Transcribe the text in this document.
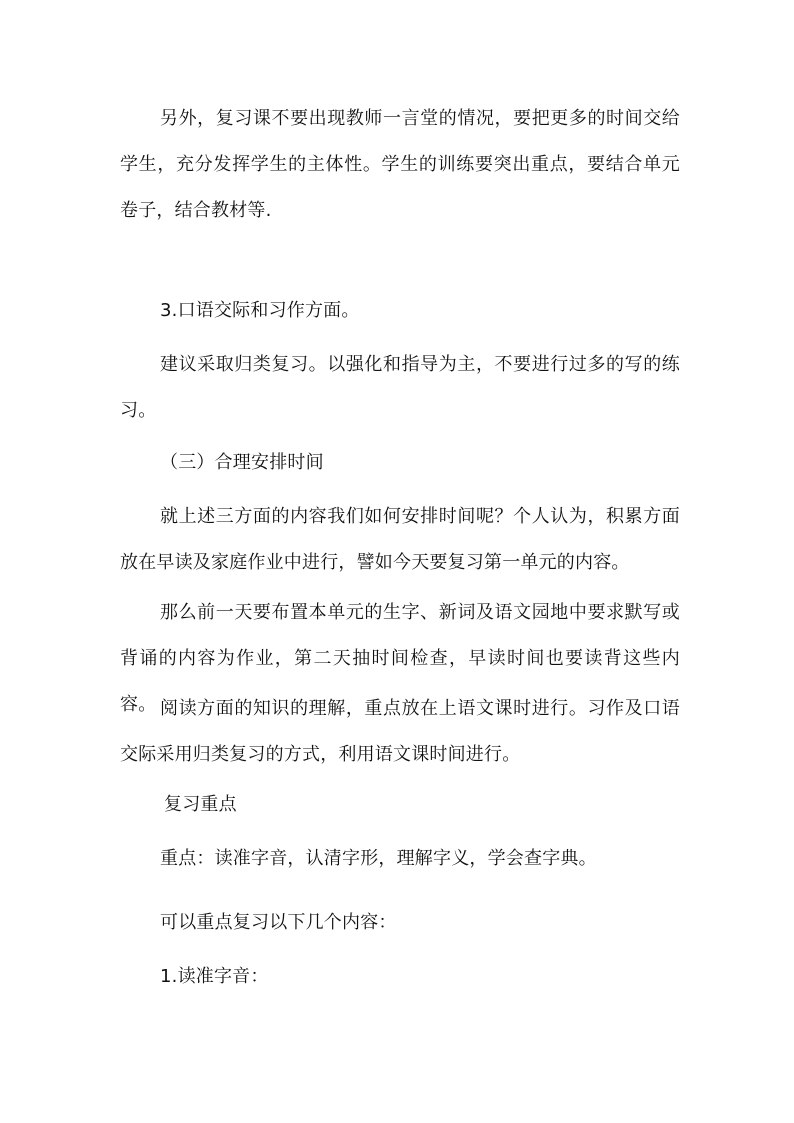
另外，复习课不要出现教师一言堂的情况，要把更多的时间交给学生，充分发挥学生的主体性。学生的训练要突出重点，要结合单元卷子，结合教材等.

3.口语交际和习作方面。

建议采取归类复习。以强化和指导为主，不要进行过多的写的练习。

（三）合理安排时间

就上述三方面的内容我们如何安排时间呢？个人认为，积累方面放在早读及家庭作业中进行，譬如今天要复习第一单元的内容。

那么前一天要布置本单元的生字、新词及语文园地中要求默写或背诵的内容为作业，第二天抽时间检查，早读时间也要读背这些内容。 阅读方面的知识的理解，重点放在上语文课时进行。习作及口语交际采用归类复习的方式，利用语文课时间进行。

复习重点

重点：读准字音，认清字形，理解字义，学会查字典。

可以重点复习以下几个内容：

1.读准字音：
